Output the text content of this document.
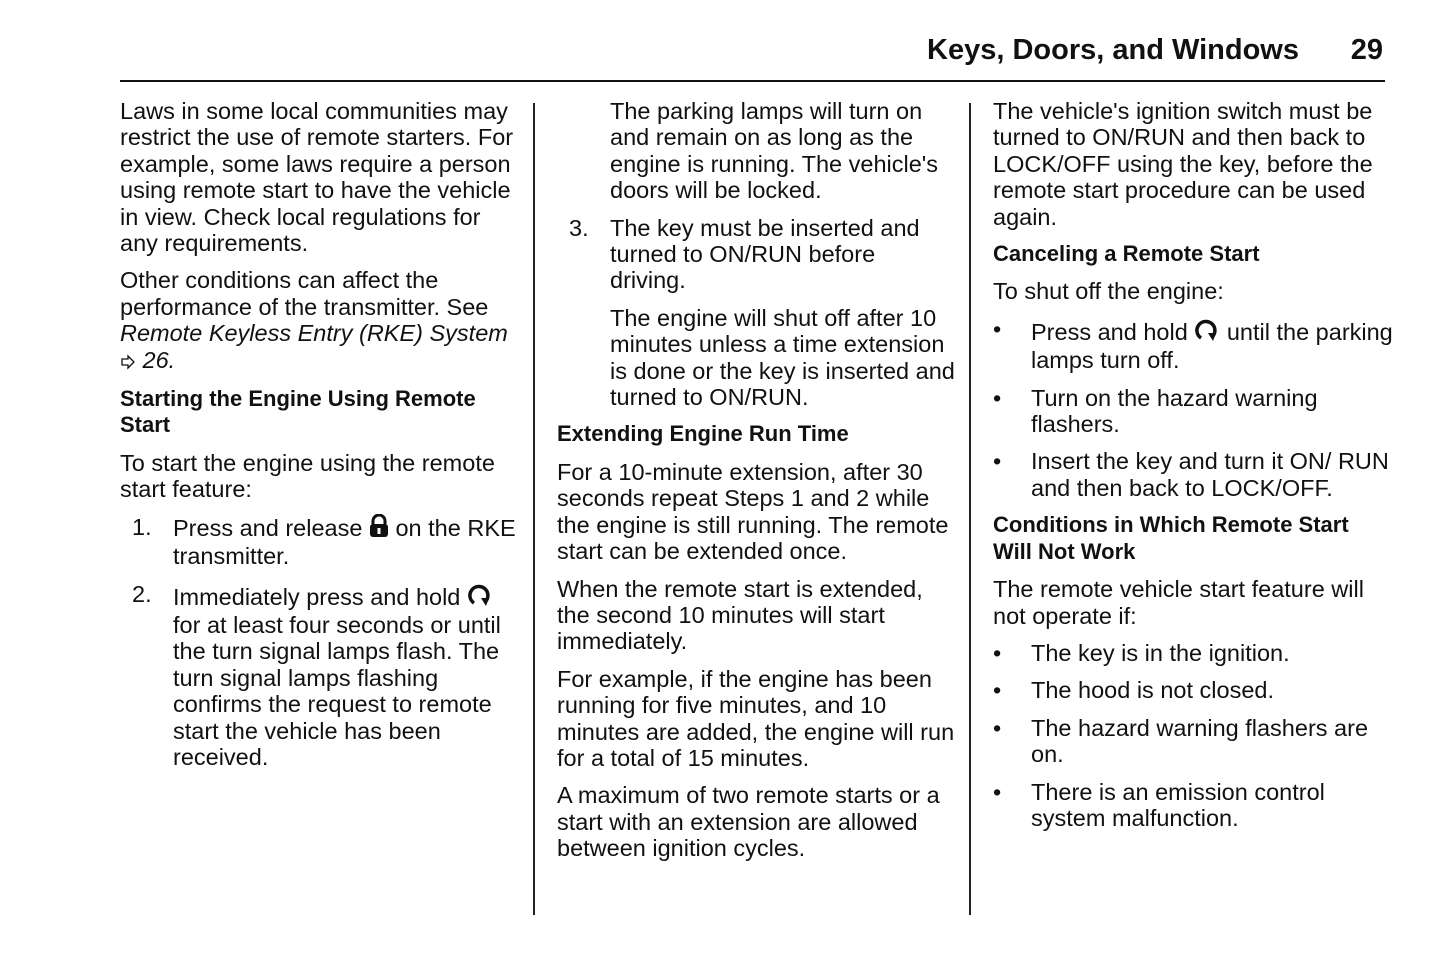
Keys, Doors, and Windows 29

Laws in some local communities may restrict the use of remote starters. For example, some laws require a person using remote start to have the vehicle in view. Check local regulations for any requirements.

Other conditions can affect the performance of the transmitter. See Remote Keyless Entry (RKE) System  26.

Starting the Engine Using Remote Start

To start the engine using the remote start feature:

1. Press and release on the RKE transmitter.
2. Immediately press and hold  for at least four seconds or until the turn signal lamps flash. The turn signal lamps flashing confirms the request to remote start the vehicle has been received.

The parking lamps will turn on and remain on as long as the engine is running. The vehicle's doors will be locked.

3. The key must be inserted and turned to ON/RUN before driving.

The engine will shut off after 10 minutes unless a time extension is done or the key is inserted and turned to ON/RUN.

Extending Engine Run Time

For a 10-minute extension, after 30 seconds repeat Steps 1 and 2 while the engine is still running. The remote start can be extended once.

When the remote start is extended, the second 10 minutes will start immediately.

For example, if the engine has been running for five minutes, and 10 minutes are added, the engine will run for a total of 15 minutes.

A maximum of two remote starts or a start with an extension are allowed between ignition cycles.

The vehicle's ignition switch must be turned to ON/RUN and then back to LOCK/OFF using the key, before the remote start procedure can be used again.

Canceling a Remote Start

To shut off the engine:

• Press and hold until the parking lamps turn off.
• Turn on the hazard warning flashers.
• Insert the key and turn it ON/ RUN and then back to LOCK/OFF.
Conditions in Which Remote Start Will Not Work

The remote vehicle start feature will not operate if:

• The key is in the ignition.
• The hood is not closed.
• The hazard warning flashers are on.
• There is an emission control system malfunction.
